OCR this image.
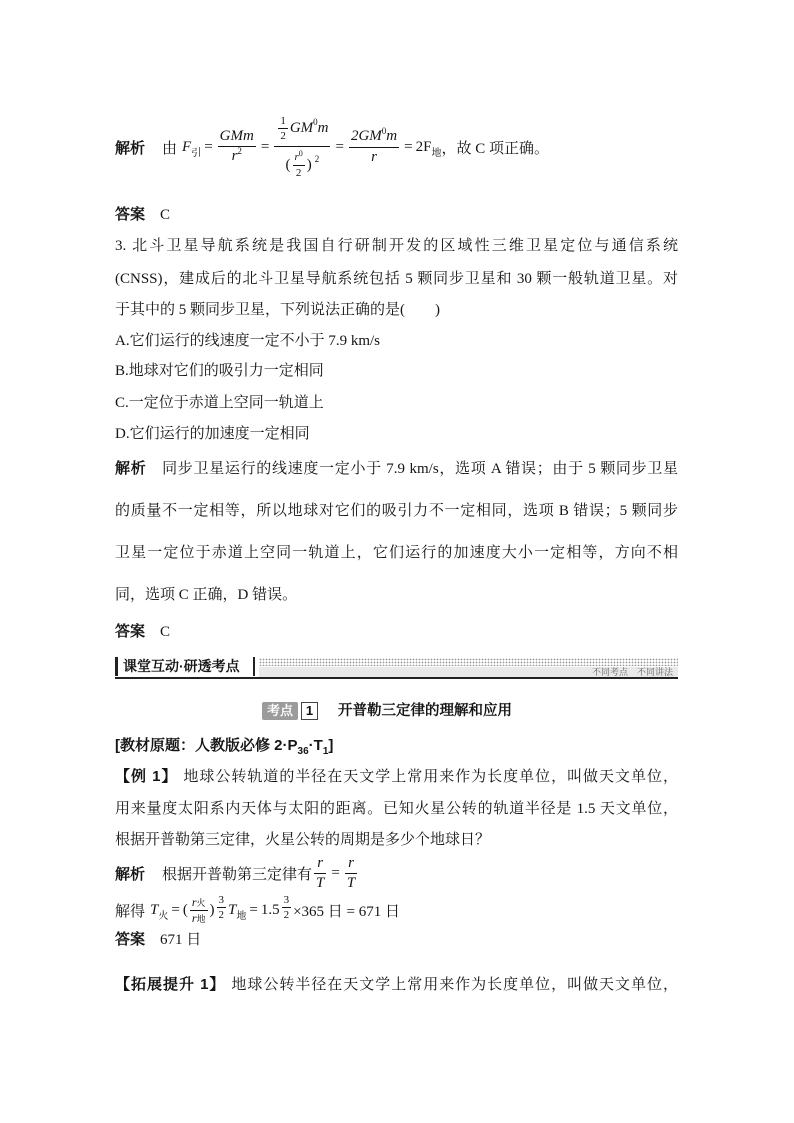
解析 由 F 引 = $\frac{\text{GMm}}{r^2} = \frac{\frac{1}{2} GM 0 m}{( \frac{r^0}{2} ) 2} = \frac{2GM^0m}{r} = 2F$ 地 ，故 C 项正确。
答案 C
3. 北斗卫星导航系统是我国自行研制开发的区域性三维卫星定位与通信系统
(CNSS)，建成后的北斗卫星导航系统包括 5 颗同步卫星和 30 颗一般轨道卫星。对
于其中的 5 颗同步卫星，下列说法正确的是(　　)
A.它们运行的线速度一定不小于 7.9 km/s
B.地球对它们的吸引力一定相同
C.一定位于赤道上空同一轨道上
D.它们运行的加速度一定相同
解析 同步卫星运行的线速度一定小于 7.9 km/s，选项 A 错误；由于 5 颗同步卫星
的质量不一定相等，所以地球对它们的吸引力不一定相同，选项 B 错误；5 颗同步
卫星一定位于赤道上空同一轨道上，它们运行的加速度大小一定相等，方向不相
同，选项 C 正确，D 错误。
答案 C
课堂互动·研透考点	不同考点　不同讲法
考点 1	开普勒三定律的理解和应用
[教材原题：人教版必修 $2\cdot P_{36}\cdot T_1$]
【例 1】 地球公转轨道的半径在天文学上常用来作为长度单位，叫做天文单位，
用来量度太阳系内天体与太阳的距离。已知火星公转的轨道半径是 1.5 天文单位，
根据开普勒第三定律，火星公转的周期是多少个地球日？
解析 根据开普勒第三定律有 $\frac{r}{T} = \frac{r}{T}$
解得 T 火 = ( $\frac{\text{r火}}{\text{r地}}$ ) $\frac{3}{2}$ T 地 = $1.5 \frac{3}{2} \times 365$ 日 = 671 日
答案 671 日
【拓展提升 1】 地球公转半径在天文学上常用来作为长度单位，叫做天文单位，
